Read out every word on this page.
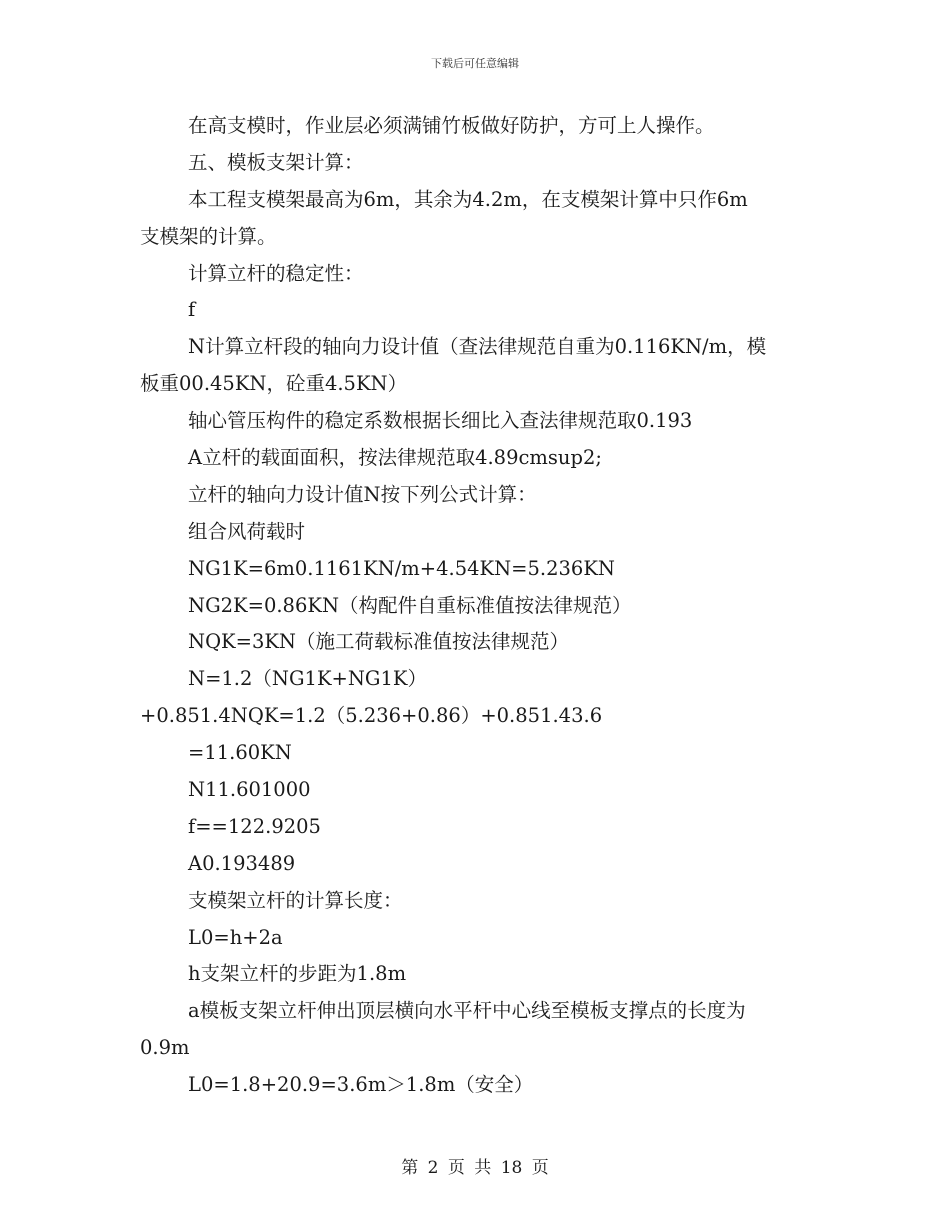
下载后可任意编辑
在高支模时，作业层必须满铺竹板做好防护，方可上人操作。
五、模板支架计算：
本工程支模架最高为6m，其余为4.2m，在支模架计算中只作6m
支模架的计算。
计算立杆的稳定性：
f
N计算立杆段的轴向力设计值（查法律规范自重为0.116KN/m，模
板重00.45KN，砼重4.5KN）
轴心管压构件的稳定系数根据长细比入查法律规范取0.193
A立杆的载面面积，按法律规范取4.89cmsup2;
立杆的轴向力设计值N按下列公式计算：
组合风荷载时
NG1K=6m0.1161KN/m+4.54KN=5.236KN
NG2K=0.86KN（构配件自重标准值按法律规范）
NQK=3KN（施工荷载标准值按法律规范）
N=1.2（NG1K+NG1K）
+0.851.4NQK=1.2（5.236+0.86）+0.851.43.6
=11.60KN
N11.601000
f==122.9205
A0.193489
支模架立杆的计算长度：
L0=h+2a
h支架立杆的步距为1.8m
a模板支架立杆伸出顶层横向水平杆中心线至模板支撑点的长度为
0.9m
L0=1.8+20.9=3.6m＞1.8m（安全）
第 2 页 共 18 页
